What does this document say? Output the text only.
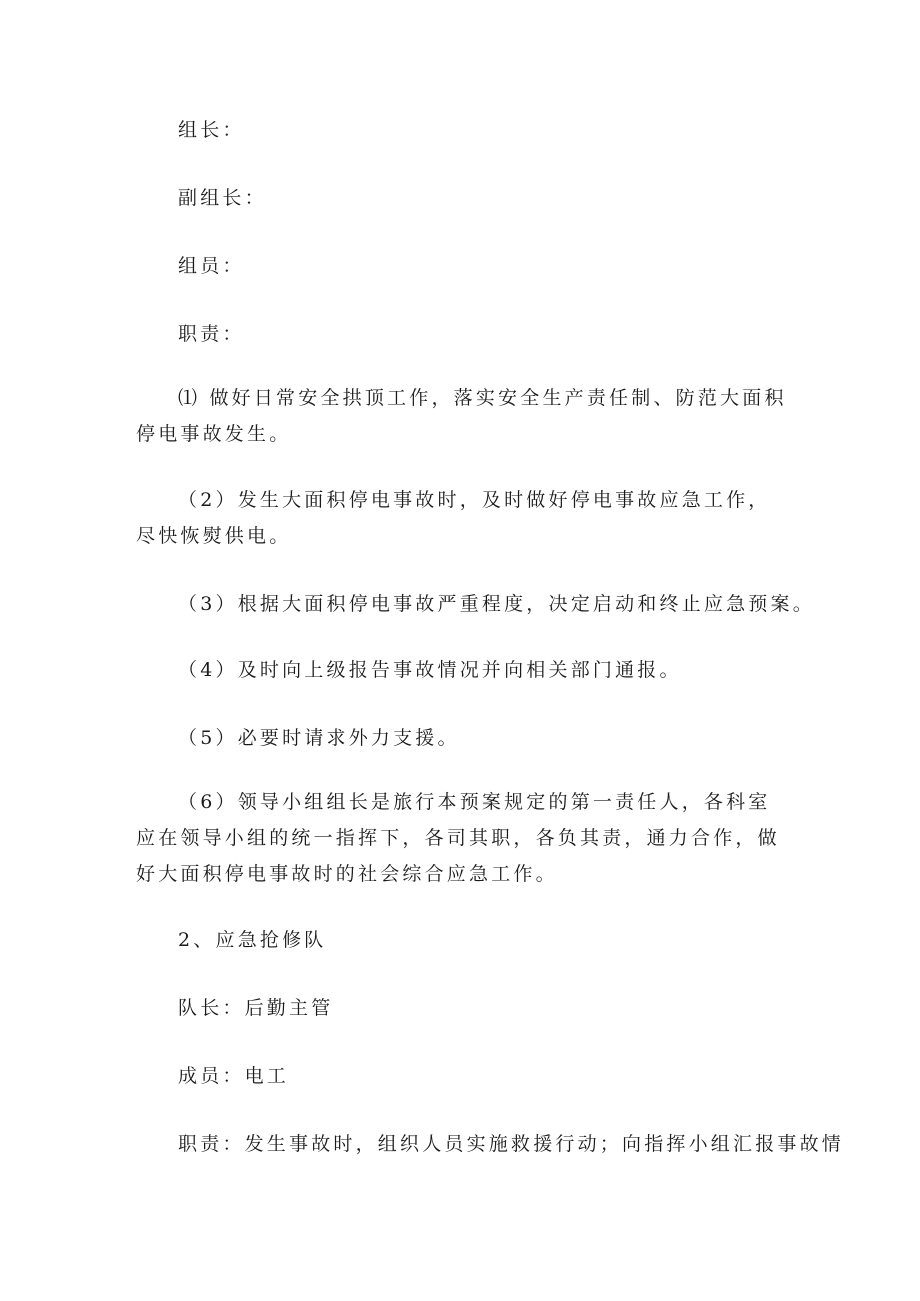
组长：

副组长：

组员：

职责：

⑴ 做好日常安全拱顶工作，落实安全生产责任制、防范大面积停电事故发生。

（2）发生大面积停电事故时，及时做好停电事故应急工作，尽快恢熨供电。

（3）根据大面积停电事故严重程度，决定启动和终止应急预案。

（4）及时向上级报告事故情况并向相关部门通报。

（5）必要时请求外力支援。

（6）领导小组组长是旅行本预案规定的第一责任人，各科室应在领导小组的统一指挥下，各司其职，各负其责，通力合作，做好大面积停电事故时的社会综合应急工作。

2、应急抢修队

队长：后勤主管

成员：电工

职责：发生事故时，组织人员实施救援行动；向指挥小组汇报事故情
